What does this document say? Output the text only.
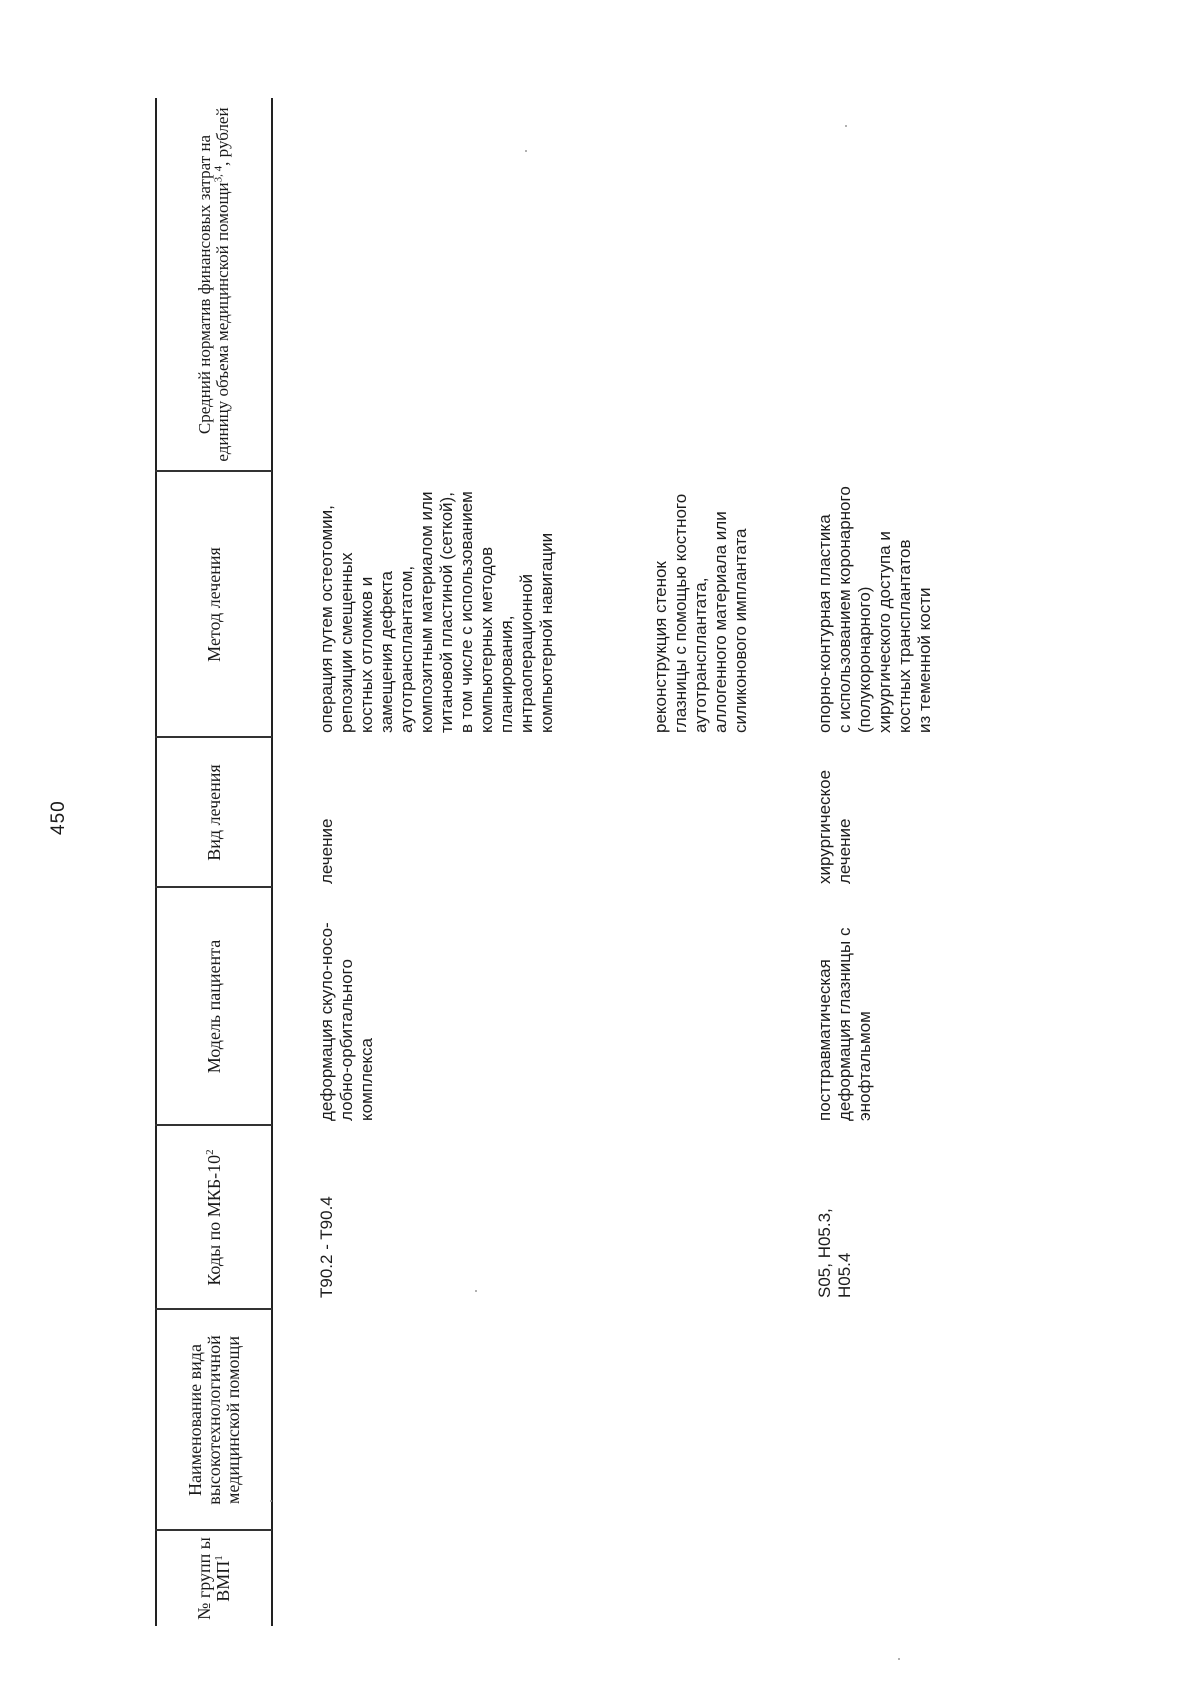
450
№ групп ы ВМП$^1$
Наименование вида высокотехнологичной медицинской помощи
Коды по МКБ-$10^2$
Модель пациента
Вид лечения
Метод лечения
Средний норматив финансовых затрат на единицу объема медицинской помощи$^{3, 4}$, рублей
T90.2 - T90.4
деформация скуло-носо-
лобно-орбитального
комплекса
лечение
операция путем остеотомии,
репозиции смещенных
костных отломков и
замещения дефекта
аутотрансплантатом,
композитным материалом или
титановой пластиной (сеткой),
в том числе с использованием
компьютерных методов
планирования,
интраоперационной
компьютерной навигации
реконструкция стенок
глазницы с помощью костного
аутотрансплантата,
аллогенного материала или
силиконового имплантата
S05, H05.3,
H05.4
посттравматическая
деформация глазницы с
энофтальмом
хирургическое
лечение
опорно-контурная пластика
с использованием коронарного
(полукоронарного)
хирургического доступа и
костных трансплантатов
из теменной кости
